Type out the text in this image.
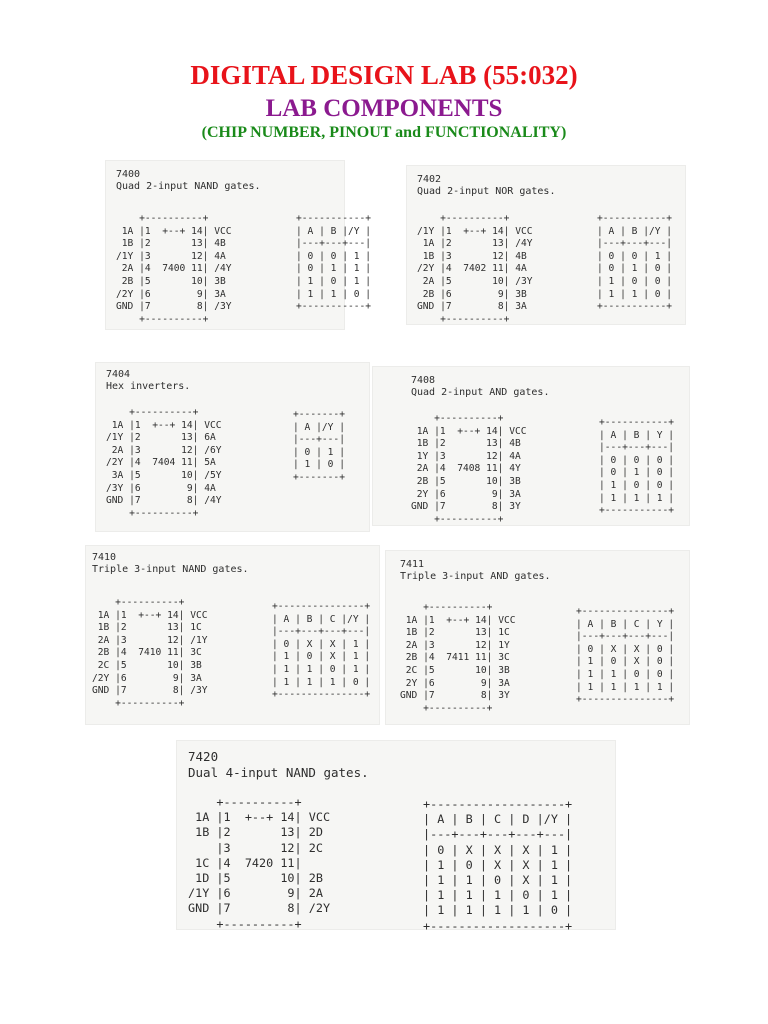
DIGITAL DESIGN LAB (55:032)
LAB COMPONENTS
(CHIP NUMBER, PINOUT and FUNCTIONALITY)
7400
Quad 2-input NAND gates.
+----------+
1A |1  +--+ 14| VCC
1B |2       13| 4B
/1Y |3       12| 4A
2A |4  7400 11| /4Y
2B |5       10| 3B
/2Y |6        9| 3A
GND |7        8| /3Y
+----------+
+-----------+
| A | B |/Y |
|---+---+---|
| 0 | 0 | 1 |
| 0 | 1 | 1 |
| 1 | 0 | 1 |
| 1 | 1 | 0 |
+-----------+
7402
Quad 2-input NOR gates.
+----------+
/1Y |1  +--+ 14| VCC
1A |2       13| /4Y
1B |3       12| 4B
/2Y |4  7402 11| 4A
2A |5       10| /3Y
2B |6        9| 3B
GND |7        8| 3A
+----------+
+-----------+
| A | B |/Y |
|---+---+---|
| 0 | 0 | 1 |
| 0 | 1 | 0 |
| 1 | 0 | 0 |
| 1 | 1 | 0 |
+-----------+
7404
Hex inverters.
+----------+
1A |1  +--+ 14| VCC
/1Y |2       13| 6A
2A |3       12| /6Y
/2Y |4  7404 11| 5A
3A |5       10| /5Y
/3Y |6        9| 4A
GND |7        8| /4Y
+----------+
+-------+
| A |/Y |
|---+---|
| 0 | 1 |
| 1 | 0 |
+-------+
7408
Quad 2-input AND gates.
+----------+
1A |1  +--+ 14| VCC
1B |2       13| 4B
1Y |3       12| 4A
2A |4  7408 11| 4Y
2B |5       10| 3B
2Y |6        9| 3A
GND |7        8| 3Y
+----------+
+-----------+
| A | B | Y |
|---+---+---|
| 0 | 0 | 0 |
| 0 | 1 | 0 |
| 1 | 0 | 0 |
| 1 | 1 | 1 |
+-----------+
7410
Triple 3-input NAND gates.
+----------+
1A |1  +--+ 14| VCC
1B |2       13| 1C
2A |3       12| /1Y
2B |4  7410 11| 3C
2C |5       10| 3B
/2Y |6        9| 3A
GND |7        8| /3Y
+----------+
+---------------+
| A | B | C |/Y |
|---+---+---+---|
| 0 | X | X | 1 |
| 1 | 0 | X | 1 |
| 1 | 1 | 0 | 1 |
| 1 | 1 | 1 | 0 |
+---------------+
7411
Triple 3-input AND gates.
+----------+
1A |1  +--+ 14| VCC
1B |2       13| 1C
2A |3       12| 1Y
2B |4  7411 11| 3C
2C |5       10| 3B
2Y |6        9| 3A
GND |7        8| 3Y
+----------+
+---------------+
| A | B | C | Y |
|---+---+---+---|
| 0 | X | X | 0 |
| 1 | 0 | X | 0 |
| 1 | 1 | 0 | 0 |
| 1 | 1 | 1 | 1 |
+---------------+
7420
Dual 4-input NAND gates.
+----------+
1A |1  +--+ 14| VCC
1B |2       13| 2D
|3       12| 2C
1C |4  7420 11|
1D |5       10| 2B
/1Y |6        9| 2A
GND |7        8| /2Y
+----------+
+-------------------+
| A | B | C | D |/Y |
|---+---+---+---+---|
| 0 | X | X | X | 1 |
| 1 | 0 | X | X | 1 |
| 1 | 1 | 0 | X | 1 |
| 1 | 1 | 1 | 0 | 1 |
| 1 | 1 | 1 | 1 | 0 |
+-------------------+
